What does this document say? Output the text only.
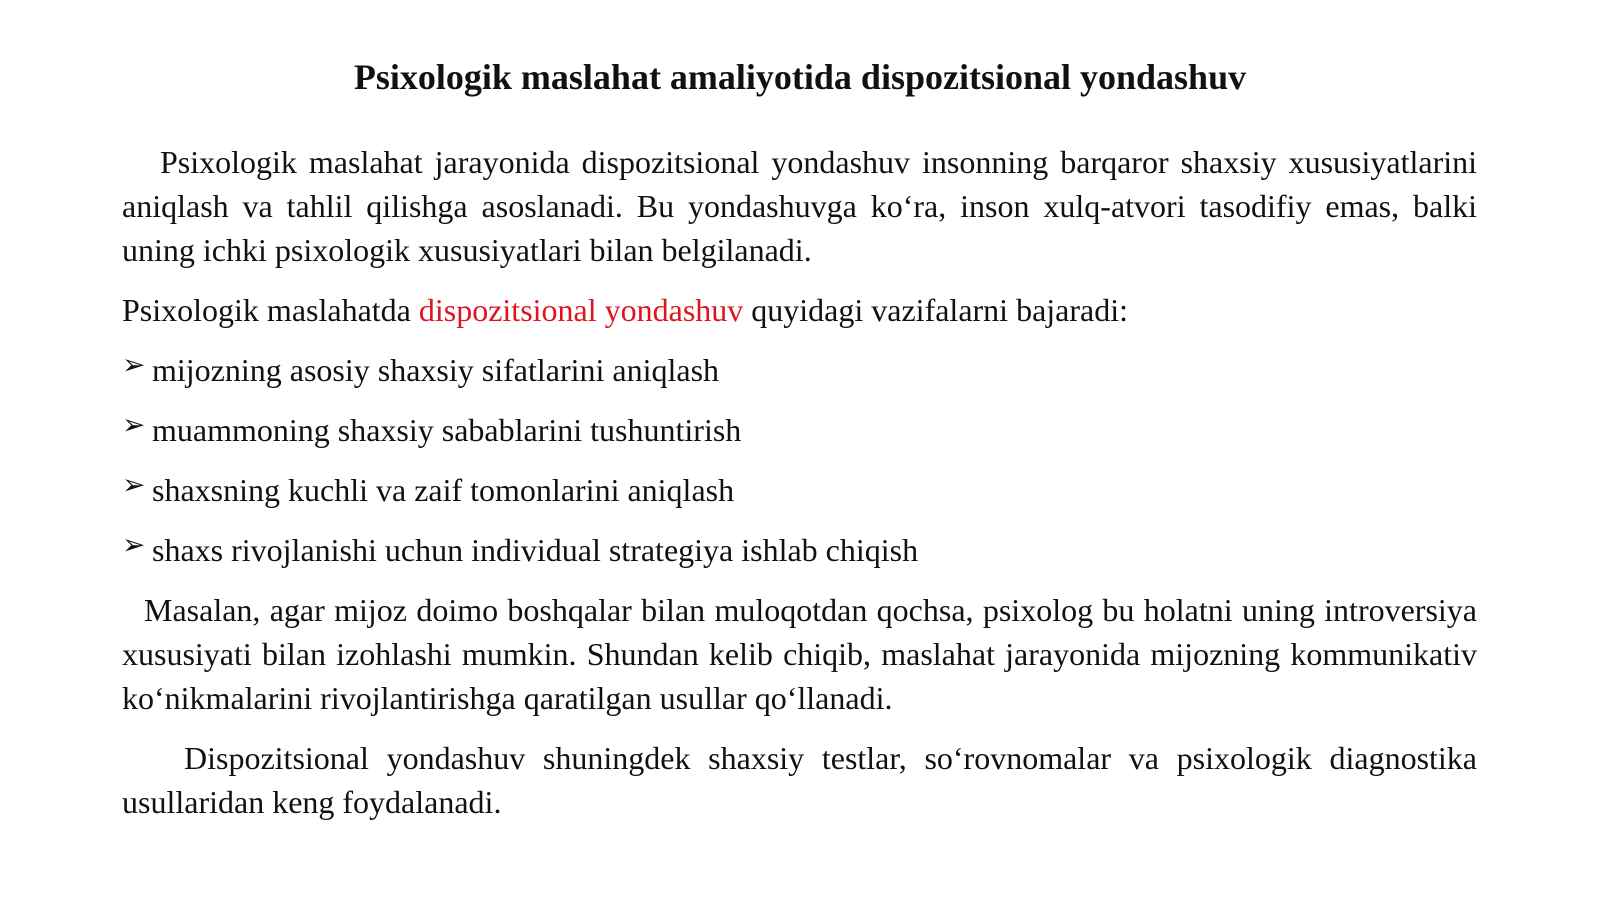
Psixologik maslahat amaliyotida dispozitsional yondashuv

Psixologik maslahat jarayonida dispozitsional yondashuv insonning barqaror shaxsiy xususiyatlarini aniqlash va tahlil qilishga asoslanadi. Bu yondashuvga ko‘ra, inson xulq-atvori tasodifiy emas, balki uning ichki psixologik xususiyatlari bilan belgilanadi.

Psixologik maslahatda dispozitsional yondashuv quyidagi vazifalarni bajaradi:

➢ mijozning asosiy shaxsiy sifatlarini aniqlash
➢ muammoning shaxsiy sabablarini tushuntirish
➢ shaxsning kuchli va zaif tomonlarini aniqlash
➢ shaxs rivojlanishi uchun individual strategiya ishlab chiqish

Masalan, agar mijoz doimo boshqalar bilan muloqotdan qochsa, psixolog bu holatni uning introversiya xususiyati bilan izohlashi mumkin. Shundan kelib chiqib, maslahat jarayonida mijozning kommunikativ ko‘nikmalarini rivojlantirishga qaratilgan usullar qo‘llanadi.

Dispozitsional yondashuv shuningdek shaxsiy testlar, so‘rovnomalar va psixologik diagnostika usullaridan keng foydalanadi.
